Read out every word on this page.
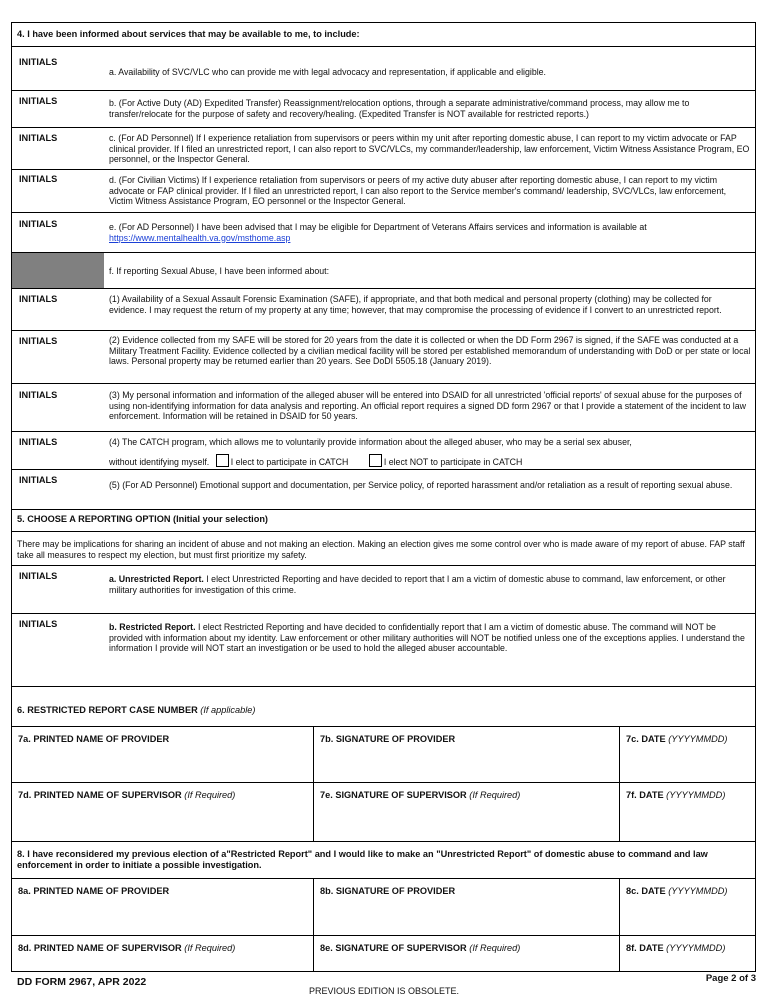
4. I have been informed about services that may be available to me, to include:
INITIALS
a. Availability of SVC/VLC who can provide me with legal advocacy and representation, if applicable and eligible.
INITIALS	b. (For Active Duty (AD) Expedited Transfer) Reassignment/relocation options, through a separate administrative/command process, may allow me to transfer/relocate for the purpose of safety and recovery/healing. (Expedited Transfer is NOT available for restricted reports.)
INITIALS	c. (For AD Personnel) If I experience retaliation from supervisors or peers within my unit after reporting domestic abuse, I can report to my victim advocate or FAP clinical provider. If I filed an unrestricted report, I can also report to SVC/VLCs, my commander/leadership, law enforcement, Victim Witness Assistance Program, EO personnel, or the Inspector General.
INITIALS	d. (For Civilian Victims) If I experience retaliation from supervisors or peers of my active duty abuser after reporting domestic abuse, I can report to my victim advocate or FAP clinical provider. If I filed an unrestricted report, I can also report to the Service member's command/ leadership, SVC/VLCs, law enforcement, Victim Witness Assistance Program, EO personnel or the Inspector General.
INITIALS	e. (For AD Personnel) I have been advised that I may be eligible for Department of Veterans Affairs services and information is available at
https://www.mentalhealth.va.gov/msthome.asp
f. If reporting Sexual Abuse, I have been informed about:
INITIALS	(1) Availability of a Sexual Assault Forensic Examination (SAFE), if appropriate, and that both medical and personal property (clothing) may be collected for evidence. I may request the return of my property at any time; however, that may compromise the processing of evidence if I convert to an unrestricted report.
INITIALS	(2) Evidence collected from my SAFE will be stored for 20 years from the date it is collected or when the DD Form 2967 is signed, if the SAFE was conducted at a Military Treatment Facility. Evidence collected by a civilian medical facility will be stored per established memorandum of understanding with DoD or per state or local laws. Personal property may be returned earlier than 20 years. See DoDI 5505.18 (January 2019).
INITIALS	(3) My personal information and information of the alleged abuser will be entered into DSAID for all unrestricted 'official reports' of sexual abuse for the purposes of using non-identifying information for data analysis and reporting. An official report requires a signed DD form 2967 or that I provide a statement of the incident to law enforcement. Information will be retained in DSAID for 50 years.
INITIALS	(4) The CATCH program, which allows me to voluntarily provide information about the alleged abuser, who may be a serial sex abuser,
without identifying myself. I elect to participate in CATCH	I elect NOT to participate in CATCH
INITIALS	(5) (For AD Personnel) Emotional support and documentation, per Service policy, of reported harassment and/or retaliation as a result of reporting sexual abuse.
5. CHOOSE A REPORTING OPTION (Initial your selection)
There may be implications for sharing an incident of abuse and not making an election. Making an election gives me some control over who is made aware of my report of abuse. FAP staff take all measures to respect my election, but must first prioritize my safety.
INITIALS	a. Unrestricted Report. I elect Unrestricted Reporting and have decided to report that I am a victim of domestic abuse to command, law enforcement, or other military authorities for investigation of this crime.
INITIALS	b. Restricted Report. I elect Restricted Reporting and have decided to confidentially report that I am a victim of domestic abuse. The command will NOT be provided with information about my identity. Law enforcement or other military authorities will NOT be notified unless one of the exceptions applies. I understand the information I provide will NOT start an investigation or be used to hold the alleged abuser accountable.
6. RESTRICTED REPORT CASE NUMBER (If applicable)
7a. PRINTED NAME OF PROVIDER	7b. SIGNATURE OF PROVIDER	7c. DATE (YYYYMMDD)
7d. PRINTED NAME OF SUPERVISOR (If Required)	7e. SIGNATURE OF SUPERVISOR (If Required)	7f. DATE (YYYYMMDD)
8. I have reconsidered my previous election of a"Restricted Report" and I would like to make an "Unrestricted Report" of domestic abuse to command and law enforcement in order to initiate a possible investigation.
8a. PRINTED NAME OF PROVIDER	8b. SIGNATURE OF PROVIDER	8c. DATE (YYYYMMDD)
8d. PRINTED NAME OF SUPERVISOR (If Required)	8e. SIGNATURE OF SUPERVISOR (If Required)	8f. DATE (YYYYMMDD)
DD FORM 2967, APR 2022
PREVIOUS EDITION IS OBSOLETE.
Page 2 of 3
